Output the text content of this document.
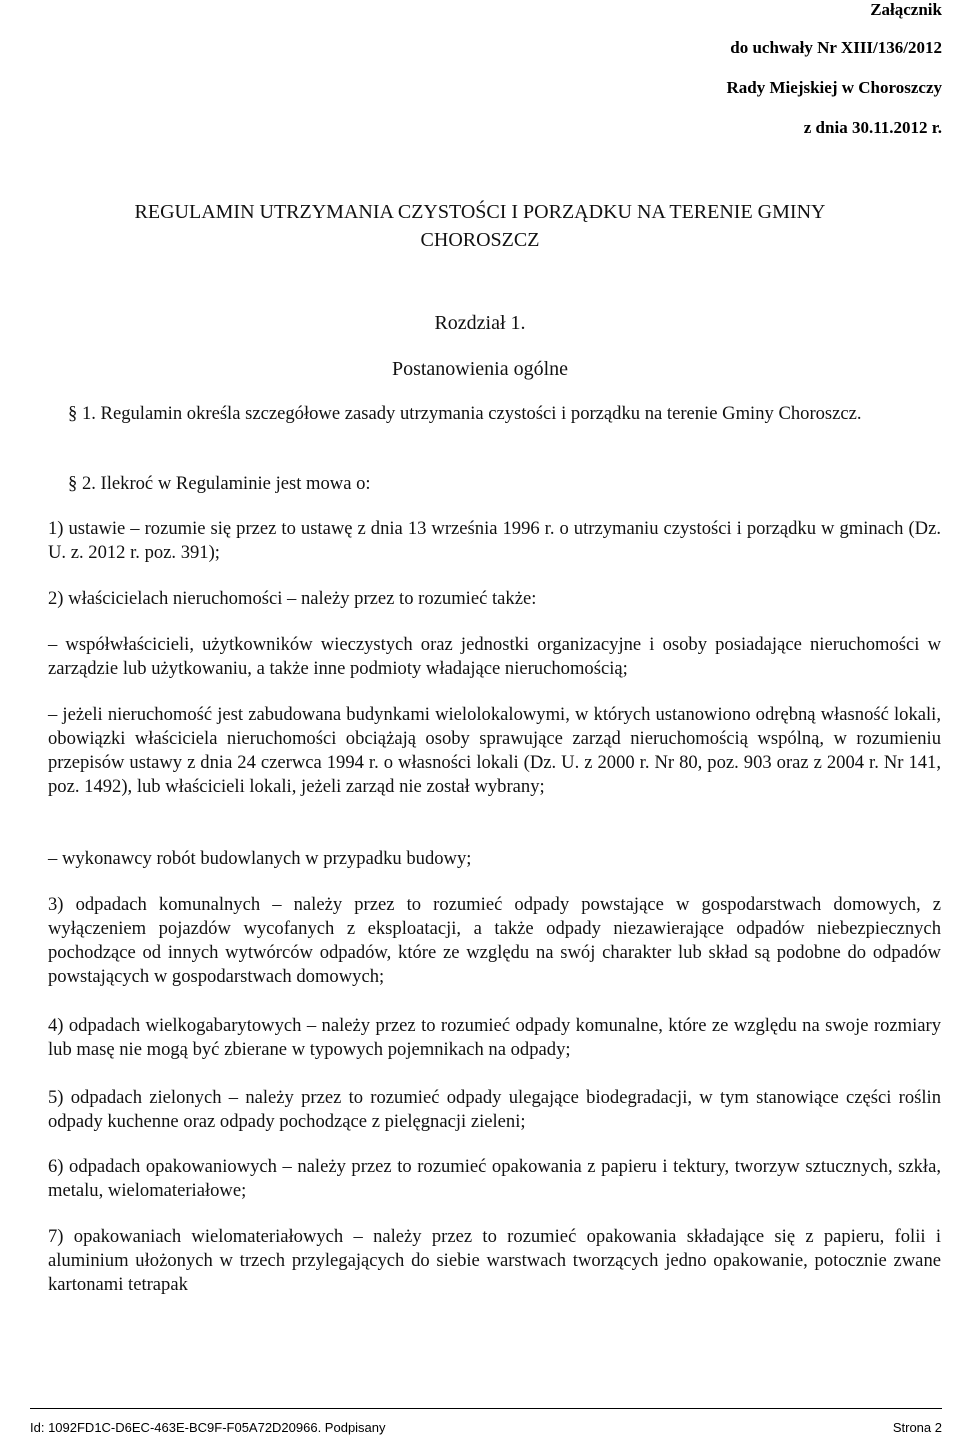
Załącznik
do uchwały Nr XIII/136/2012
Rady Miejskiej w Choroszczy
z dnia 30.11.2012 r.
REGULAMIN UTRZYMANIA CZYSTOŚCI I PORZĄDKU NA TERENIE GMINY
CHOROSZCZ
Rozdział 1.
Postanowienia ogólne

§ 1. Regulamin określa szczegółowe zasady utrzymania czystości i porządku na terenie Gminy Choroszcz.

§ 2. Ilekroć w Regulaminie jest mowa o:

1) ustawie – rozumie się przez to ustawę z dnia 13 września 1996 r. o utrzymaniu czystości i porządku w gminach (Dz. U. z. 2012 r. poz. 391);

2) właścicielach nieruchomości – należy przez to rozumieć także:

– współwłaścicieli, użytkowników wieczystych oraz jednostki organizacyjne i osoby posiadające nieruchomości w zarządzie lub użytkowaniu, a także inne podmioty władające nieruchomością;

– jeżeli nieruchomość jest zabudowana budynkami wielolokalowymi, w których ustanowiono odrębną własność lokali, obowiązki właściciela nieruchomości obciążają osoby sprawujące zarząd nieruchomością wspólną, w rozumieniu przepisów ustawy z dnia 24 czerwca 1994 r. o własności lokali (Dz. U. z 2000 r. Nr 80, poz. 903 oraz z 2004 r. Nr 141, poz. 1492), lub właścicieli lokali, jeżeli zarząd nie został wybrany;

– wykonawcy robót budowlanych w przypadku budowy;

3) odpadach komunalnych – należy przez to rozumieć odpady powstające w gospodarstwach domowych, z wyłączeniem pojazdów wycofanych z eksploatacji, a także odpady niezawierające odpadów niebezpiecznych pochodzące od innych wytwórców odpadów, które ze względu na swój charakter lub skład są podobne do odpadów powstających w gospodarstwach domowych;

4) odpadach wielkogabarytowych – należy przez to rozumieć odpady komunalne, które ze względu na swoje rozmiary lub masę nie mogą być zbierane w typowych pojemnikach na odpady;

5) odpadach zielonych – należy przez to rozumieć odpady ulegające biodegradacji, w tym stanowiące części roślin odpady kuchenne oraz odpady pochodzące z pielęgnacji zieleni;

6) odpadach opakowaniowych – należy przez to rozumieć opakowania z papieru i tektury, tworzyw sztucznych, szkła, metalu, wielomateriałowe;

7) opakowaniach wielomateriałowych – należy przez to rozumieć opakowania składające się z papieru, folii i aluminium ułożonych w trzech przylegających do siebie warstwach tworzących jedno opakowanie, potocznie zwane kartonami tetrapak

Id: 1092FD1C-D6EC-463E-BC9F-F05A72D20966. Podpisany	Strona 2
